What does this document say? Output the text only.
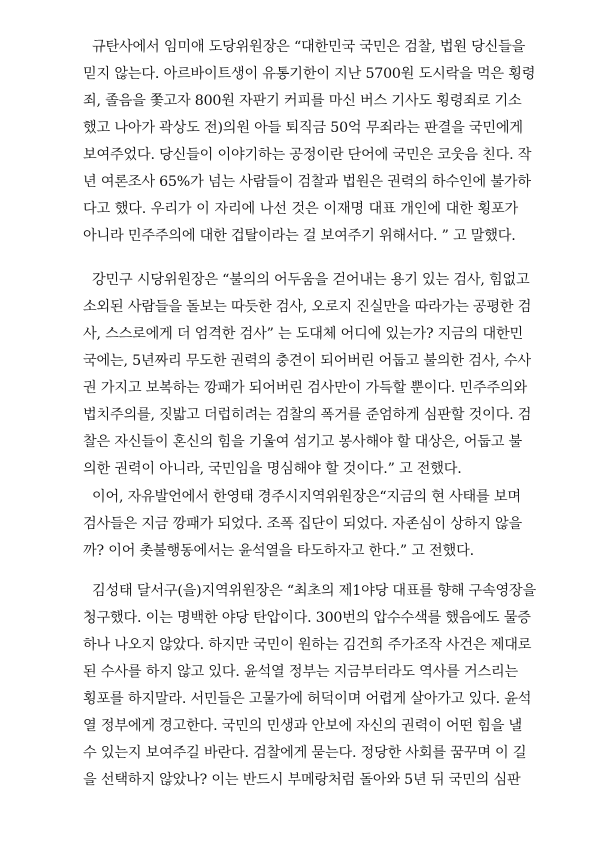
규탄사에서 임미애 도당위원장은 “대한민국 국민은 검찰, 법원 당신들을
믿지 않는다. 아르바이트생이 유통기한이 지난 5700원 도시락을 먹은 횡령
죄, 졸음을 쫓고자 800원 자판기 커피를 마신 버스 기사도 횡령죄로 기소
했고 나아가 곽상도 전)의원 아들 퇴직금 50억 무죄라는 판결을 국민에게
보여주었다. 당신들이 이야기하는 공정이란 단어에 국민은 코웃음 친다. 작
년 여론조사 65%가 넘는 사람들이 검찰과 법원은 권력의 하수인에 불가하
다고 했다. 우리가 이 자리에 나선 것은 이재명 대표 개인에 대한 횡포가
아니라 민주주의에 대한 겁탈이라는 걸 보여주기 위해서다. ” 고 말했다.
강민구 시당위원장은 “불의의 어두움을 걷어내는 용기 있는 검사, 힘없고
소외된 사람들을 돌보는 따듯한 검사, 오로지 진실만을 따라가는 공평한 검
사, 스스로에게 더 엄격한 검사” 는 도대체 어디에 있는가? 지금의 대한민
국에는, 5년짜리 무도한 권력의 충견이 되어버린 어둡고 불의한 검사, 수사
권 가지고 보복하는 깡패가 되어버린 검사만이 가득할 뿐이다. 민주주의와
법치주의를, 짓밟고 더럽히려는 검찰의 폭거를 준엄하게 심판할 것이다. 검
찰은 자신들이 혼신의 힘을 기울여 섬기고 봉사해야 할 대상은, 어둡고 불
의한 권력이 아니라, 국민임을 명심해야 할 것이다.” 고 전했다.
이어, 자유발언에서 한영태 경주시지역위원장은“지금의 현 사태를 보며
검사들은 지금 깡패가 되었다. 조폭 집단이 되었다. 자존심이 상하지 않을
까? 이어 촛불행동에서는 윤석열을 타도하자고 한다.” 고 전했다.
김성태 달서구(을)지역위원장은 “최초의 제1야당 대표를 향해 구속영장을
청구했다. 이는 명백한 야당 탄압이다. 300번의 압수수색를 했음에도 물증
하나 나오지 않았다. 하지만 국민이 원하는 김건희 주가조작 사건은 제대로
된 수사를 하지 않고 있다. 윤석열 정부는 지금부터라도 역사를 거스리는
횡포를 하지말라. 서민들은 고물가에 허덕이며 어렵게 살아가고 있다. 윤석
열 정부에게 경고한다. 국민의 민생과 안보에 자신의 권력이 어떤 힘을 낼
수 있는지 보여주길 바란다. 검찰에게 묻는다. 정당한 사회를 꿈꾸며 이 길
을 선택하지 않았나? 이는 반드시 부메랑처럼 돌아와 5년 뒤 국민의 심판
